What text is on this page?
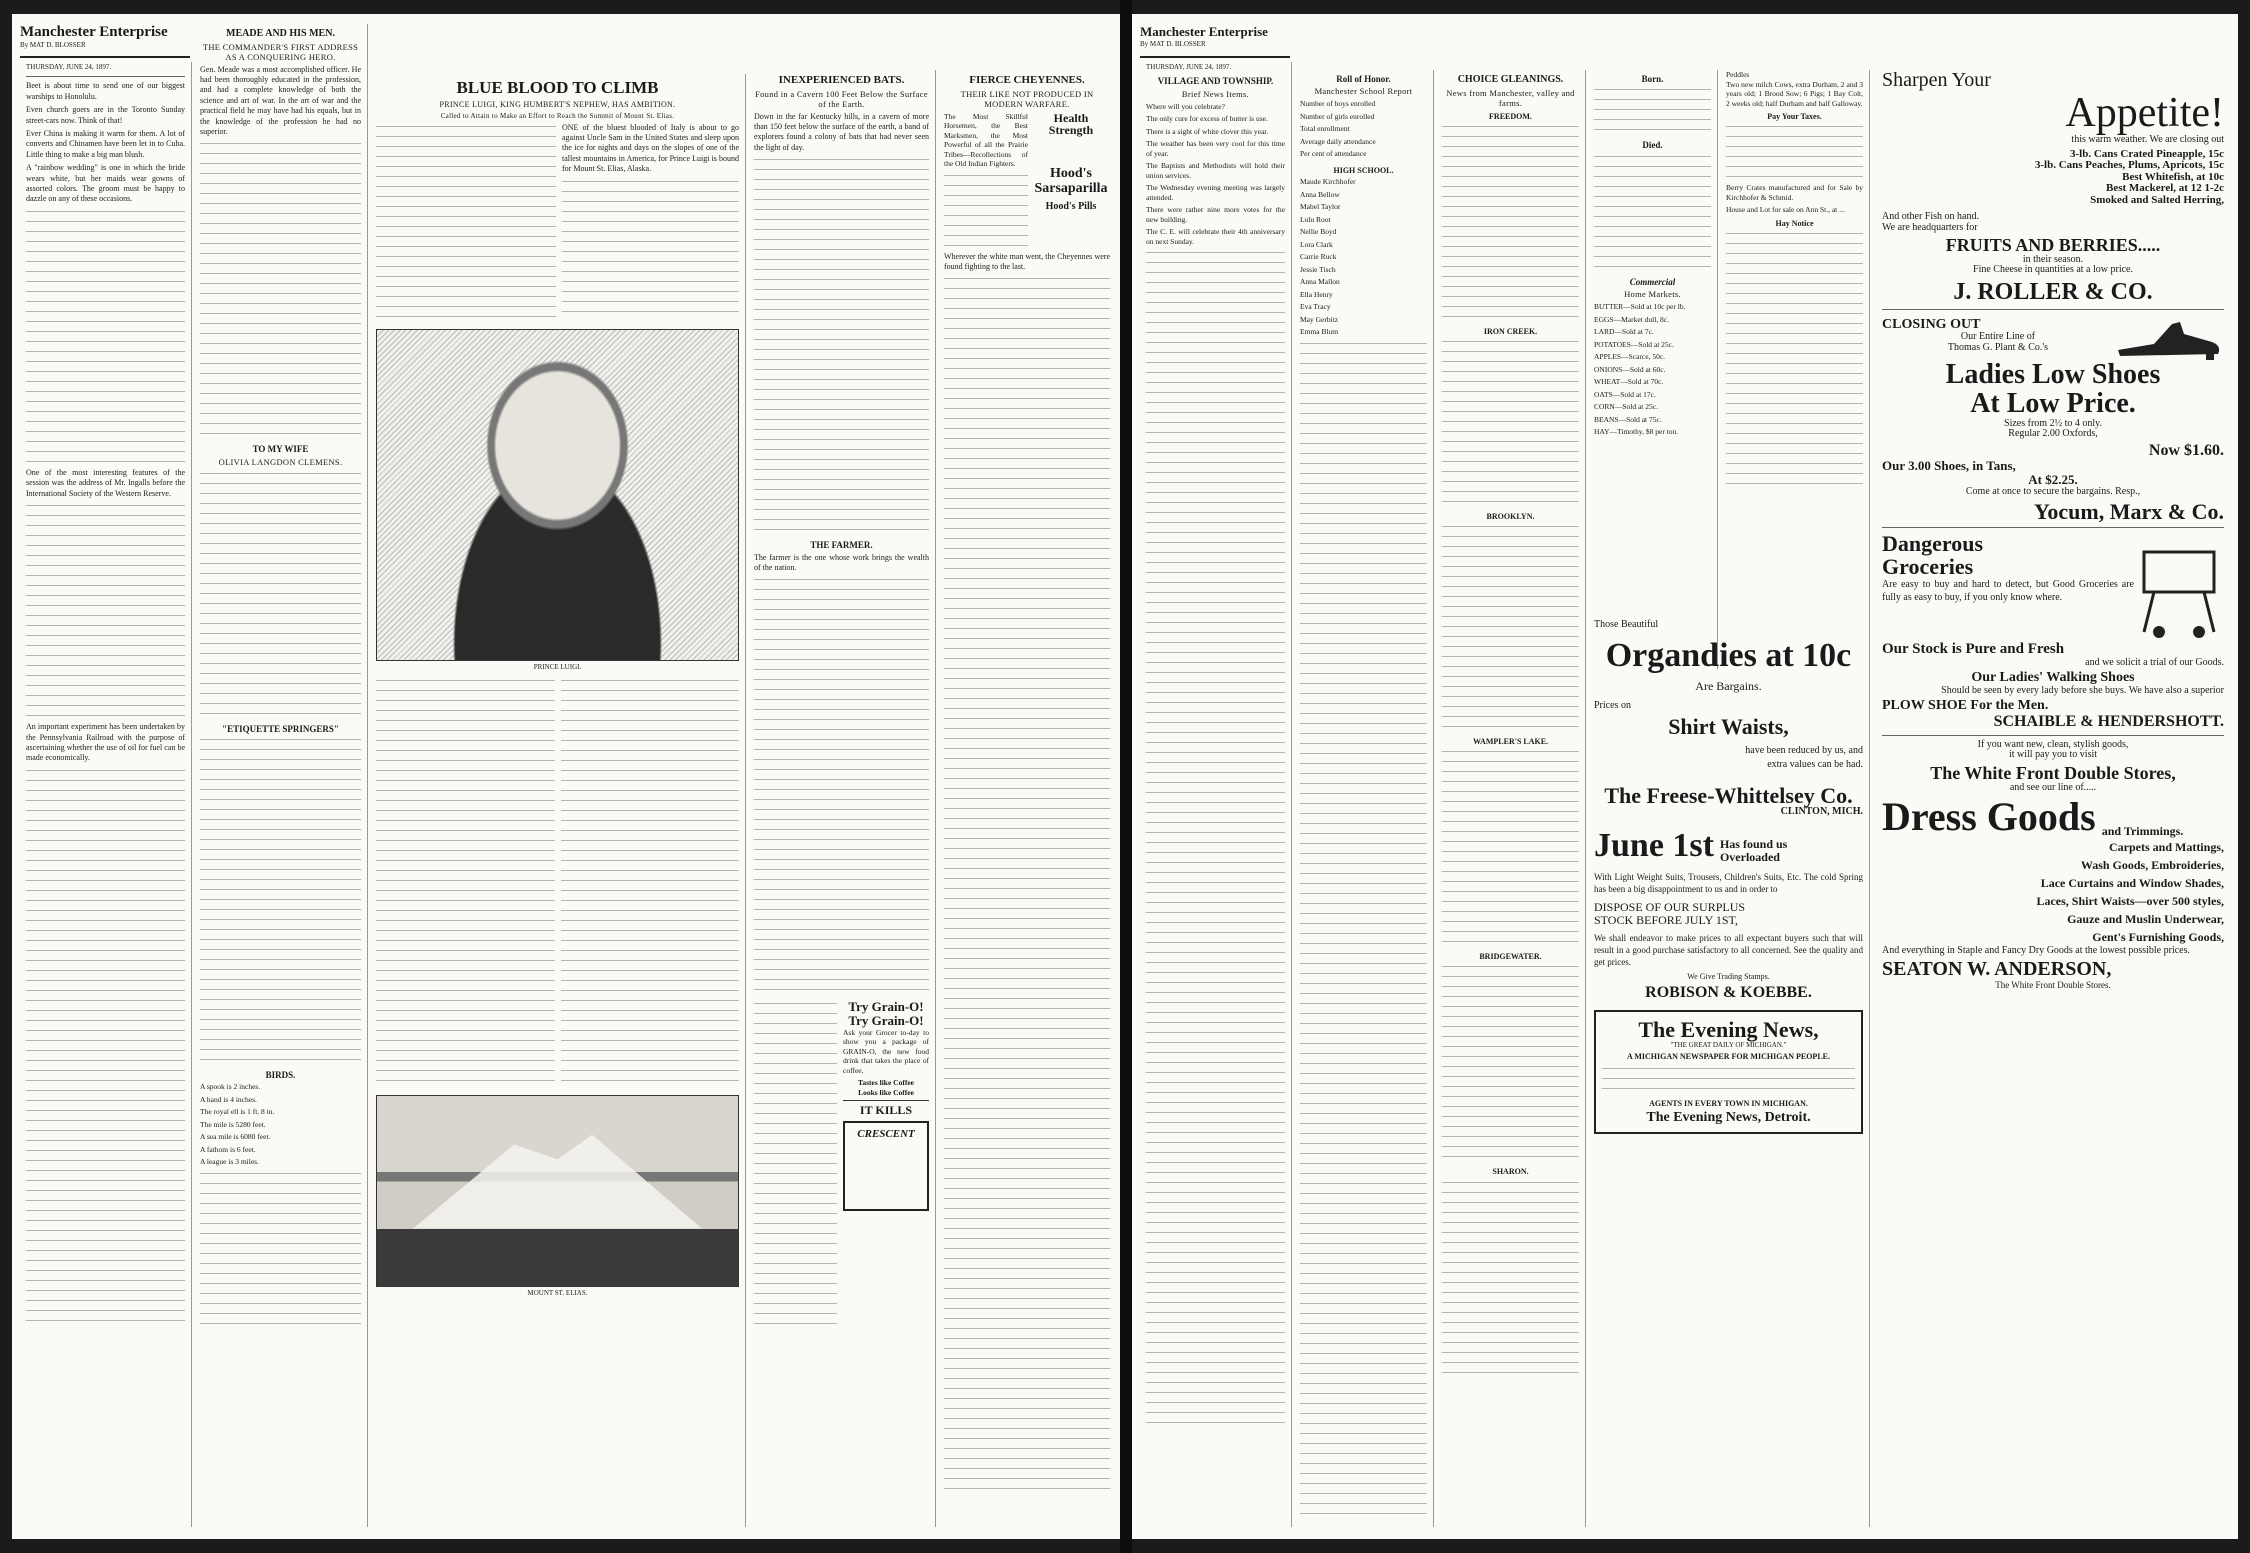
Manchester Enterprise
By MAT D. BLOSSER
THURSDAY, JUNE 24, 1897.
Beet is about time to send one of our biggest warships to Honolulu.
Even church goers are in the Toronto Sunday street-cars now. Think of that!
Ever China is making it warm for them. A lot of converts and Chinamen have been let in to Cuba. Little thing to make a big man blush.
A "rainbow wedding" is one in which the bride wears white, but her maids wear gowns of assorted colors. The groom must be happy to dazzle on any of these occasions.
One of the most interesting features of the session was the address of Mr. Ingalls before the International Society of the Western Reserve.
An important experiment has been undertaken by the Pennsylvania Railroad with the purpose of ascertaining whether the use of oil for fuel can be made economically.
MEADE AND HIS MEN.
THE COMMANDER'S FIRST ADDRESS AS A CONQUERING HERO.
Gen. Meade was a most accomplished officer. He had been thoroughly educated in the profession, and had a complete knowledge of both the science and art of war. In the art of war and the practical field he may have had his equals, but in the knowledge of the profession he had no superior.
TO MY WIFE
OLIVIA LANGDON CLEMENS.
"ETIQUETTE SPRINGERS"
BIRDS.
A spook is 2 inches.
A hand is 4 inches.
The royal ell is 1 ft. 8 in.
The mile is 5280 feet.
A sea mile is 6080 feet.
A fathom is 6 feet.
A league is 3 miles.
BLUE BLOOD TO CLIMB
PRINCE LUIGI, KING HUMBERT'S NEPHEW, HAS AMBITION.
Called to Attain to Make an Effort to Reach the Summit of Mount St. Elias.
ONE of the bluest blooded of Italy is about to go against Uncle Sam in the United States and sleep upon the ice for nights and days on the slopes of one of the tallest mountains in America, for Prince Luigi is bound for Mount St. Elias, Alaska.
PRINCE LUIGI.
MOUNT ST. ELIAS.
INEXPERIENCED BATS.
Found in a Cavern 100 Feet Below the Surface of the Earth.
Down in the far Kentucky hills, in a cavern of more than 150 feet below the surface of the earth, a band of explorers found a colony of bats that had never seen the light of day.
THE FARMER.
The farmer is the one whose work brings the wealth of the nation.
Try Grain-O!
Try Grain-O!
Ask your Grocer to-day to show you a package of GRAIN-O, the new food drink that takes the place of coffee.
Tastes like Coffee
Looks like Coffee
IT KILLS
CRESCENT
FIERCE CHEYENNES.
THEIR LIKE NOT PRODUCED IN MODERN WARFARE.
The Most Skillful Horsemen, the Best Marksmen, the Most Powerful of all the Prairie Tribes—Recollections of the Old Indian Fighters.
Health Strength
Hood's Sarsaparilla
Hood's Pills
Wherever the white man went, the Cheyennes were found fighting to the last.
Manchester Enterprise
By MAT D. BLOSSER
THURSDAY, JUNE 24, 1897.
VILLAGE AND TOWNSHIP.
Brief News Items.
Where will you celebrate?
The only cure for excess of butter is use.
There is a sight of white clover this year.
The weather has been very cool for this time of year.
The Baptists and Methodists will hold their union services.
The Wednesday evening meeting was largely attended.
There were rather nine more votes for the new building.
The C. E. will celebrate their 4th anniversary on next Sunday.
Roll of Honor.
Manchester School Report
Number of boys enrolled
Number of girls enrolled
Total enrollment
Average daily attendance
Per cent of attendance
HIGH SCHOOL.
Maude Kirchhofer
Anna Bellow
Mabel Taylor
Lulu Root
Nellie Boyd
Lora Clark
Carrie Ruck
Jessie Tisch
Anna Mallon
Ella Henry
Eva Tracy
May Gerbitz
Emma Blum
CHOICE GLEANINGS.
News from Manchester, valley and farms.
FREEDOM.
IRON CREEK.
BROOKLYN.
WAMPLER'S LAKE.
BRIDGEWATER.
SHARON.
Born.
Died.
Commercial
Home Markets.
BUTTER—Sold at 10c per lb.
EGGS—Market dull, 8c.
LARD—Sold at 7c.
POTATOES—Sold at 25c.
APPLES—Scarce, 50c.
ONIONS—Sold at 60c.
WHEAT—Sold at 70c.
OATS—Sold at 17c.
CORN—Sold at 25c.
BEANS—Sold at 75c.
HAY—Timothy, $8 per ton.
Peddles
Two new milch Cows, extra Durham, 2 and 3 years old; 1 Brood Sow; 6 Pigs; 1 Bay Colt, 2 weeks old; half Durham and half Galloway.
Pay Your Taxes.
Berry Crates manufactured and for Sale by Kirchhofer & Schmid.
House and Lot for sale on Ann St., at ...
Hay Notice
Those Beautiful
Organdies at 10c
Are Bargains.
Prices on
Shirt Waists,
have been reduced by us, and
extra values can be had.
The Freese-Whittelsey Co.
CLINTON, MICH.
June 1st Has found us
Overloaded
With Light Weight Suits, Trousers, Children's Suits, Etc. The cold Spring has been a big disappointment to us and in order to
DISPOSE OF OUR SURPLUS
STOCK BEFORE JULY 1ST,
We shall endeavor to make prices to all expectant buyers such that will result in a good purchase satisfactory to all concerned. See the quality and get prices.
We Give Trading Stamps.
ROBISON & KOEBBE.
The Evening News,
"THE GREAT DAILY OF MICHIGAN."
A MICHIGAN NEWSPAPER FOR MICHIGAN PEOPLE.
AGENTS IN EVERY TOWN IN MICHIGAN.
The Evening News, Detroit.
Sharpen Your
Appetite!
this warm weather. We are closing out
3-lb. Cans Crated Pineapple, 15c
3-lb. Cans Peaches, Plums, Apricots, 15c
Best Whitefish, at 10c
Best Mackerel, at 12 1-2c
Smoked and Salted Herring,
And other Fish on hand.
We are headquarters for
FRUITS AND BERRIES.....
in their season.
Fine Cheese in quantities at a low price.
J. ROLLER & CO.
CLOSING OUT
Our Entire Line of
Thomas G. Plant & Co.'s
Ladies Low Shoes
At Low Price.
Sizes from 2½ to 4 only.
Regular 2.00 Oxfords,
Now $1.60.
Our 3.00 Shoes, in Tans,
At $2.25.
Come at once to secure the bargains. Resp.,
Yocum, Marx & Co.
Dangerous
Groceries
Are easy to buy and hard to detect, but Good Groceries are fully as easy to buy, if you only know where.
Our Stock is Pure and Fresh
and we solicit a trial of our Goods.
Our Ladies' Walking Shoes
Should be seen by every lady before she buys. We have also a superior
PLOW SHOE For the Men.
SCHAIBLE & HENDERSHOTT.
If you want new, clean, stylish goods,
it will pay you to visit
The White Front Double Stores,
and see our line of.....
Dress Goods and Trimmings.
Carpets and Mattings,
Wash Goods, Embroideries,
Lace Curtains and Window Shades,
Laces, Shirt Waists—over 500 styles,
Gauze and Muslin Underwear,
Gent's Furnishing Goods,
And everything in Staple and Fancy Dry Goods at the lowest possible prices.
SEATON W. ANDERSON,
The White Front Double Stores.
